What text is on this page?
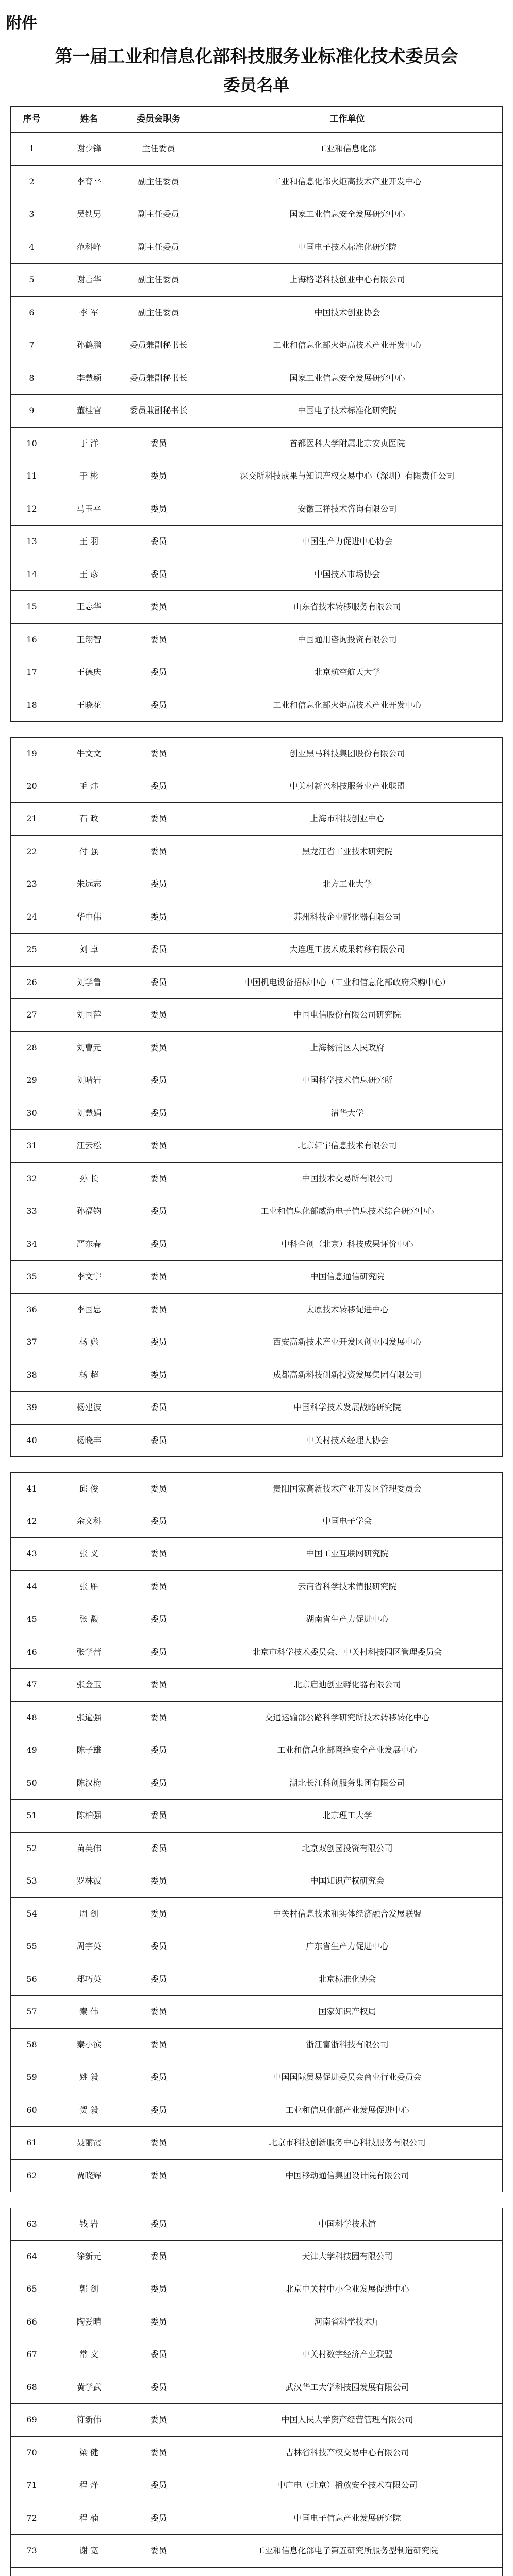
附件
第一届工业和信息化部科技服务业标准化技术委员会
委员名单
序号	姓名	委员会职务	工作单位
1	谢少锋	主任委员	工业和信息化部
2	李育平	副主任委员	工业和信息化部火炬高技术产业开发中心
3	吴铁男	副主任委员	国家工业信息安全发展研究中心
4	范科峰	副主任委员	中国电子技术标准化研究院
5	谢吉华	副主任委员	上海格诺科技创业中心有限公司
6	李 军	副主任委员	中国技术创业协会
7	孙鹤鹏	委员兼副秘书长	工业和信息化部火炬高技术产业开发中心
8	李慧颖	委员兼副秘书长	国家工业信息安全发展研究中心
9	董桂官	委员兼副秘书长	中国电子技术标准化研究院
10	于 洋	委员	首都医科大学附属北京安贞医院
11	于 彬	委员	深交所科技成果与知识产权交易中心（深圳）有限责任公司
12	马玉平	委员	安徽三祥技术咨询有限公司
13	王 羽	委员	中国生产力促进中心协会
14	王 彦	委员	中国技术市场协会
15	王志华	委员	山东省技术转移服务有限公司
16	王翔智	委员	中国通用咨询投资有限公司
17	王德庆	委员	北京航空航天大学
18	王晓花	委员	工业和信息化部火炬高技术产业开发中心
19	牛文文	委员	创业黑马科技集团股份有限公司
20	毛 炜	委员	中关村新兴科技服务业产业联盟
21	石 政	委员	上海市科技创业中心
22	付 强	委员	黑龙江省工业技术研究院
23	朱远志	委员	北方工业大学
24	华中伟	委员	苏州科技企业孵化器有限公司
25	刘 卓	委员	大连理工技术成果转移有限公司
26	刘学鲁	委员	中国机电设备招标中心（工业和信息化部政府采购中心）
27	刘国萍	委员	中国电信股份有限公司研究院
28	刘曹元	委员	上海杨浦区人民政府
29	刘晴岩	委员	中国科学技术信息研究所
30	刘慧娟	委员	清华大学
31	江云松	委员	北京轩宇信息技术有限公司
32	孙 长	委员	中国技术交易所有限公司
33	孙福钧	委员	工业和信息化部威海电子信息技术综合研究中心
34	严东春	委员	中科合创（北京）科技成果评价中心
35	李文宇	委员	中国信息通信研究院
36	李国忠	委员	太原技术转移促进中心
37	杨 彪	委员	西安高新技术产业开发区创业园发展中心
38	杨 超	委员	成都高新科技创新投资发展集团有限公司
39	杨建波	委员	中国科学技术发展战略研究院
40	杨晓丰	委员	中关村技术经理人协会
41	邱 俊	委员	贵阳国家高新技术产业开发区管理委员会
42	余文科	委员	中国电子学会
43	张 义	委员	中国工业互联网研究院
44	张 雁	委员	云南省科学技术情报研究院
45	张 馥	委员	湖南省生产力促进中心
46	张学蕾	委员	北京市科学技术委员会、中关村科技园区管理委员会
47	张金玉	委员	北京启迪创业孵化器有限公司
48	张遍强	委员	交通运输部公路科学研究所技术转移转化中心
49	陈子雄	委员	工业和信息化部网络安全产业发展中心
50	陈汉梅	委员	湖北长江科创服务集团有限公司
51	陈柏强	委员	北京理工大学
52	苗英伟	委员	北京双创园投资有限公司
53	罗林波	委员	中国知识产权研究会
54	周 剑	委员	中关村信息技术和实体经济融合发展联盟
55	周宇英	委员	广东省生产力促进中心
56	郑巧英	委员	北京标准化协会
57	秦 伟	委员	国家知识产权局
58	秦小滨	委员	浙江富浙科技有限公司
59	姚 毅	委员	中国国际贸易促进委员会商业行业委员会
60	贺 毅	委员	工业和信息化部产业发展促进中心
61	聂丽霞	委员	北京市科技创新服务中心科技服务有限公司
62	贾晓辉	委员	中国移动通信集团设计院有限公司
63	钱 岩	委员	中国科学技术馆
64	徐新元	委员	天津大学科技园有限公司
65	郭 剑	委员	北京中关村中小企业发展促进中心
66	陶爱晴	委员	河南省科学技术厅
67	常 文	委员	中关村数字经济产业联盟
68	黄学武	委员	武汉华工大学科技园发展有限公司
69	符新伟	委员	中国人民大学资产经营管理有限公司
70	梁 健	委员	吉林省科技产权交易中心有限公司
71	程 烽	委员	中广电（北京）播放安全技术有限公司
72	程 楠	委员	中国电子信息产业发展研究院
73	谢 宽	委员	工业和信息化部电子第五研究所服务型制造研究院
